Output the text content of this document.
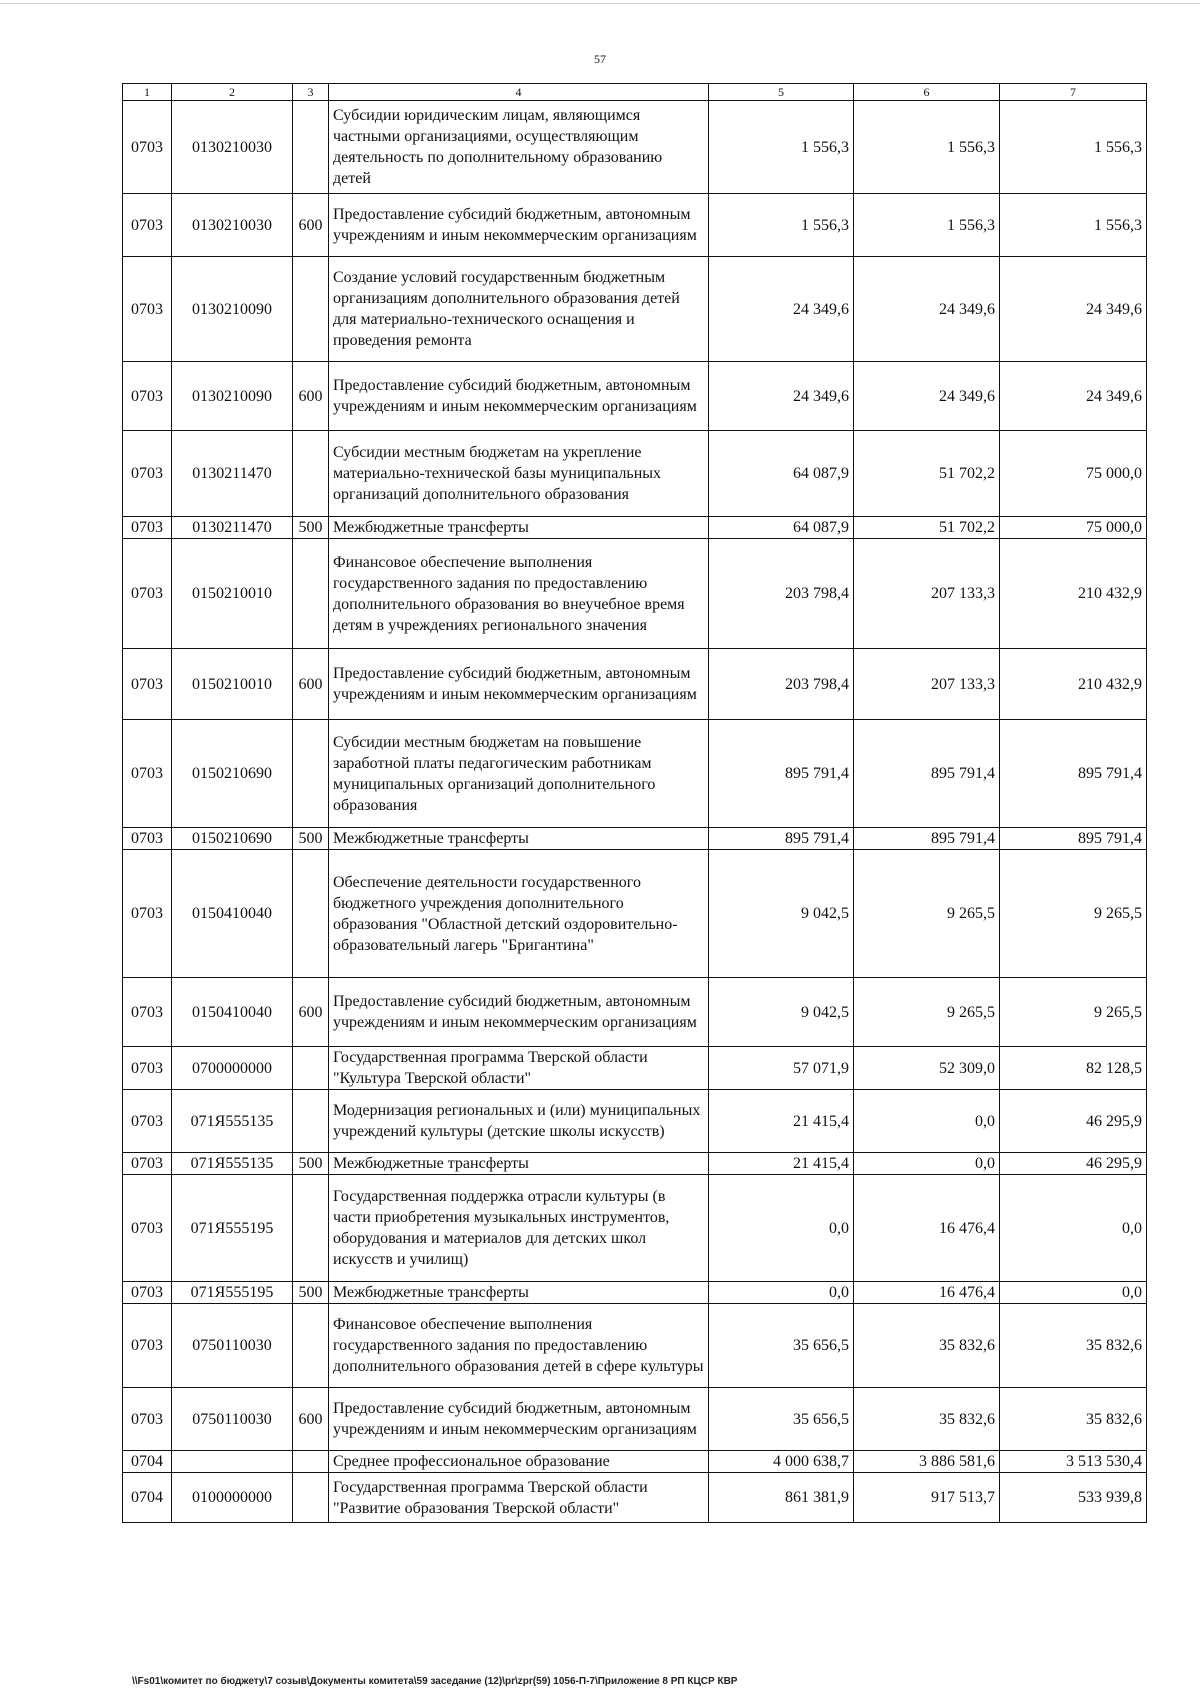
57
1	2	3	4	5	6	7
0703	0130210030		Субсидии юридическим лицам, являющимся частными организациями, осуществляющим деятельность по дополнительному образованию детей	1 556,3	1 556,3	1 556,3
0703	0130210030	600	Предоставление субсидий бюджетным, автономным учреждениям и иным некоммерческим организациям	1 556,3	1 556,3	1 556,3
0703	0130210090		Создание условий государственным бюджетным организациям дополнительного образования детей для материально-технического оснащения и проведения ремонта	24 349,6	24 349,6	24 349,6
0703	0130210090	600	Предоставление субсидий бюджетным, автономным учреждениям и иным некоммерческим организациям	24 349,6	24 349,6	24 349,6
0703	0130211470		Субсидии местным бюджетам на укрепление материально-технической базы муниципальных организаций дополнительного образования	64 087,9	51 702,2	75 000,0
0703	0130211470	500	Межбюджетные трансферты	64 087,9	51 702,2	75 000,0
0703	0150210010		Финансовое обеспечение выполнения государственного задания по предоставлению дополнительного образования во внеучебное время детям в учреждениях регионального значения	203 798,4	207 133,3	210 432,9
0703	0150210010	600	Предоставление субсидий бюджетным, автономным учреждениям и иным некоммерческим организациям	203 798,4	207 133,3	210 432,9
0703	0150210690		Субсидии местным бюджетам на повышение заработной платы педагогическим работникам муниципальных организаций дополнительного образования	895 791,4	895 791,4	895 791,4
0703	0150210690	500	Межбюджетные трансферты	895 791,4	895 791,4	895 791,4
0703	0150410040		Обеспечение деятельности государственного бюджетного учреждения дополнительного образования "Областной детский оздоровительно-образовательный лагерь "Бригантина"	9 042,5	9 265,5	9 265,5
0703	0150410040	600	Предоставление субсидий бюджетным, автономным учреждениям и иным некоммерческим организациям	9 042,5	9 265,5	9 265,5
0703	0700000000		Государственная программа Тверской области "Культура Тверской области"	57 071,9	52 309,0	82 128,5
0703	071Я555135		Модернизация региональных и (или) муниципальных учреждений культуры (детские школы искусств)	21 415,4	0,0	46 295,9
0703	071Я555135	500	Межбюджетные трансферты	21 415,4	0,0	46 295,9
0703	071Я555195		Государственная поддержка отрасли культуры (в части приобретения музыкальных инструментов, оборудования и материалов для детских школ искусств и училищ)	0,0	16 476,4	0,0
0703	071Я555195	500	Межбюджетные трансферты	0,0	16 476,4	0,0
0703	0750110030		Финансовое обеспечение выполнения государственного задания по предоставлению дополнительного образования детей в сфере культуры	35 656,5	35 832,6	35 832,6
0703	0750110030	600	Предоставление субсидий бюджетным, автономным учреждениям и иным некоммерческим организациям	35 656,5	35 832,6	35 832,6
0704			Среднее профессиональное образование	4 000 638,7	3 886 581,6	3 513 530,4
0704	0100000000		Государственная программа Тверской области "Развитие образования Тверской области"	861 381,9	917 513,7	533 939,8
\\Fs01\комитет по бюджету\7 созыв\Документы комитета\59 заседание (12)\pr\zpr(59) 1056-П-7\Приложение 8 РП КЦСР КВР
